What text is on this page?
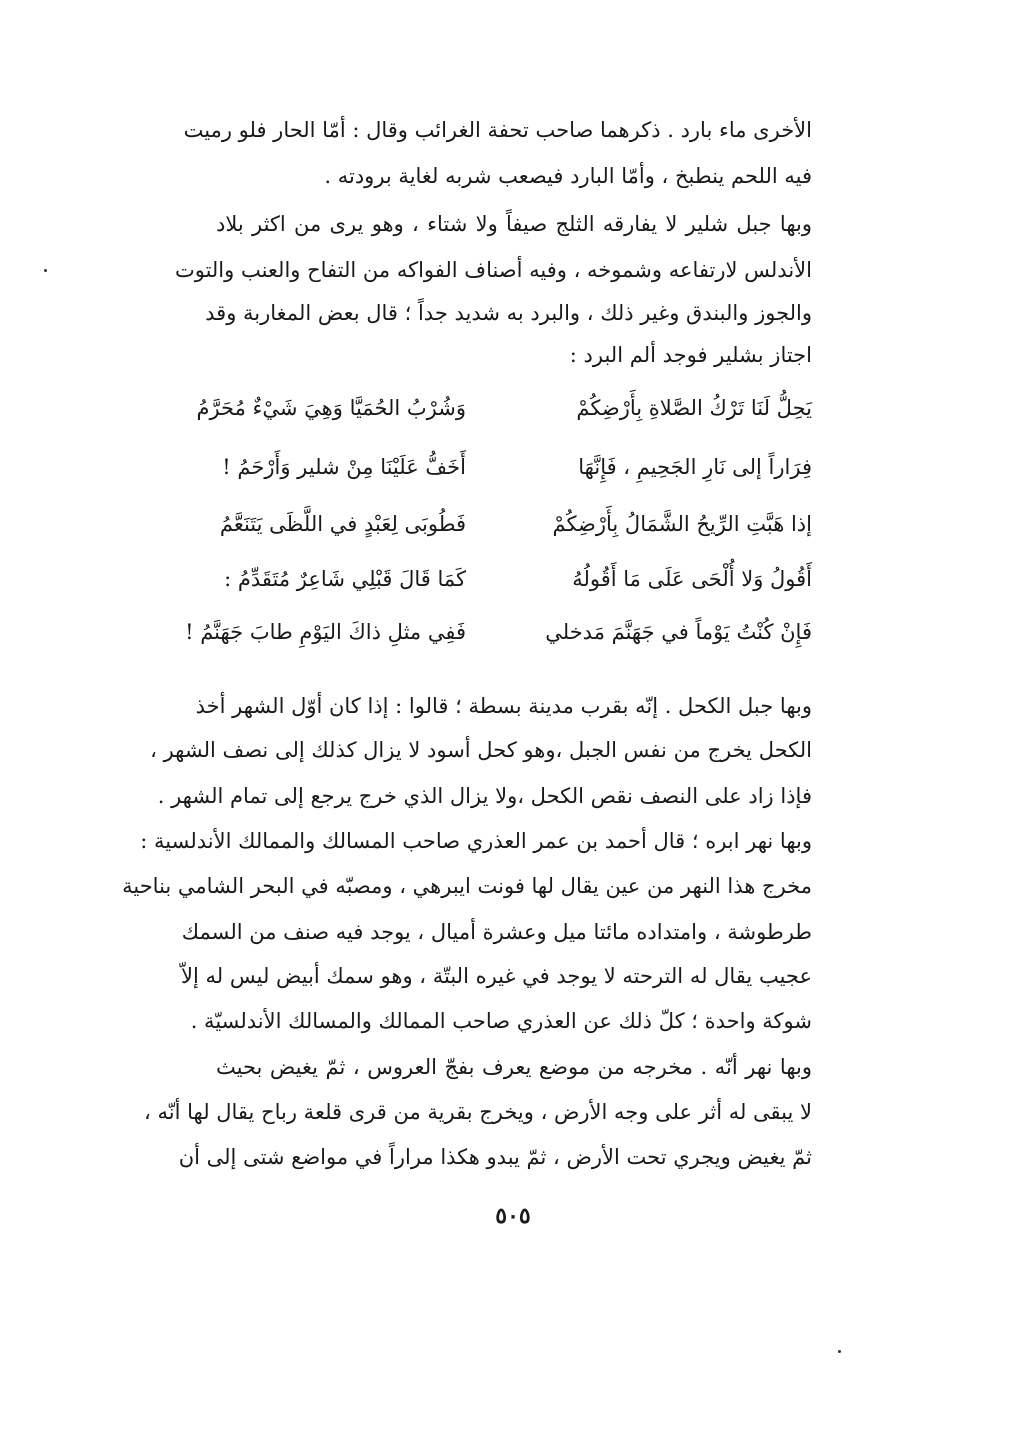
الأخرى ماء بارد . ذكرهما صاحب تحفة الغرائب وقال : أمّا الحار فلو رميت
فيه اللحم ينطبخ ، وأمّا البارد فيصعب شربه لغاية برودته .
وبها جبل شلير لا يفارقه الثلج صيفاً ولا شتاء ، وهو يرى من اكثر بلاد
الأندلس لارتفاعه وشموخه ، وفيه أصناف الفواكه من التفاح والعنب والتوت
والجوز والبندق وغير ذلك ، والبرد به شديد جداً ؛ قال بعض المغاربة وقد
اجتاز بشلير فوجد ألم البرد :
يَحِلُّ لَنَا تَرْكُ الصَّلاةِ بِأَرْضِكُمْ
وَشُرْبُ الحُمَيَّا وَهِيَ شَيْءٌ مُحَرَّمُ
فِرَاراً إلى نَارِ الجَحِيمِ ، فَإِنَّهَا
أَخَفُّ عَلَيْنَا مِنْ شلير وَأَرْحَمُ !
إذا هَبَّتِ الرِّيحُ الشَّمَالُ بِأَرْضِكُمْ
فَطُوبَى لِعَبْدٍ في اللَّظَى يَتَنَعَّمُ
أَقُولُ وَلا أُلْحَى عَلَى مَا أَقُولُهُ
كَمَا قَالَ قَبْلِي شَاعِرٌ مُتَقَدِّمُ :
فَإِنْ كُنْتُ يَوْماً في جَهَنَّمَ مَدخلي
فَفِي مثلِ ذاكَ اليَوْمِ طابَ جَهَنَّمُ !
وبها جبل الكحل . إنّه بقرب مدينة بسطة ؛ قالوا : إذا كان أوّل الشهر أخذ
الكحل يخرج من نفس الجبل ،وهو كحل أسود لا يزال كذلك إلى نصف الشهر ،
فإذا زاد على النصف نقص الكحل ،ولا يزال الذي خرج يرجع إلى تمام الشهر .
وبها نهر ابره ؛ قال أحمد بن عمر العذري صاحب المسالك والممالك الأندلسية :
مخرج هذا النهر من عين يقال لها فونت ايبرهي ، ومصبّه في البحر الشامي بناحية
طرطوشة ، وامتداده مائتا ميل وعشرة أميال ، يوجد فيه صنف من السمك
عجيب يقال له الترحته لا يوجد في غيره البتّة ، وهو سمك أبيض ليس له إلاّ
شوكة واحدة ؛ كلّ ذلك عن العذري صاحب الممالك والمسالك الأندلسيّة .
وبها نهر أنّه . مخرجه من موضع يعرف بفجّ العروس ، ثمّ يغيض بحيث
لا يبقى له أثر على وجه الأرض ، ويخرج بقرية من قرى قلعة رباح يقال لها أنّه ،
ثمّ يغيض ويجري تحت الأرض ، ثمّ يبدو هكذا مراراً في مواضع شتى إلى أن
٥٠٥
